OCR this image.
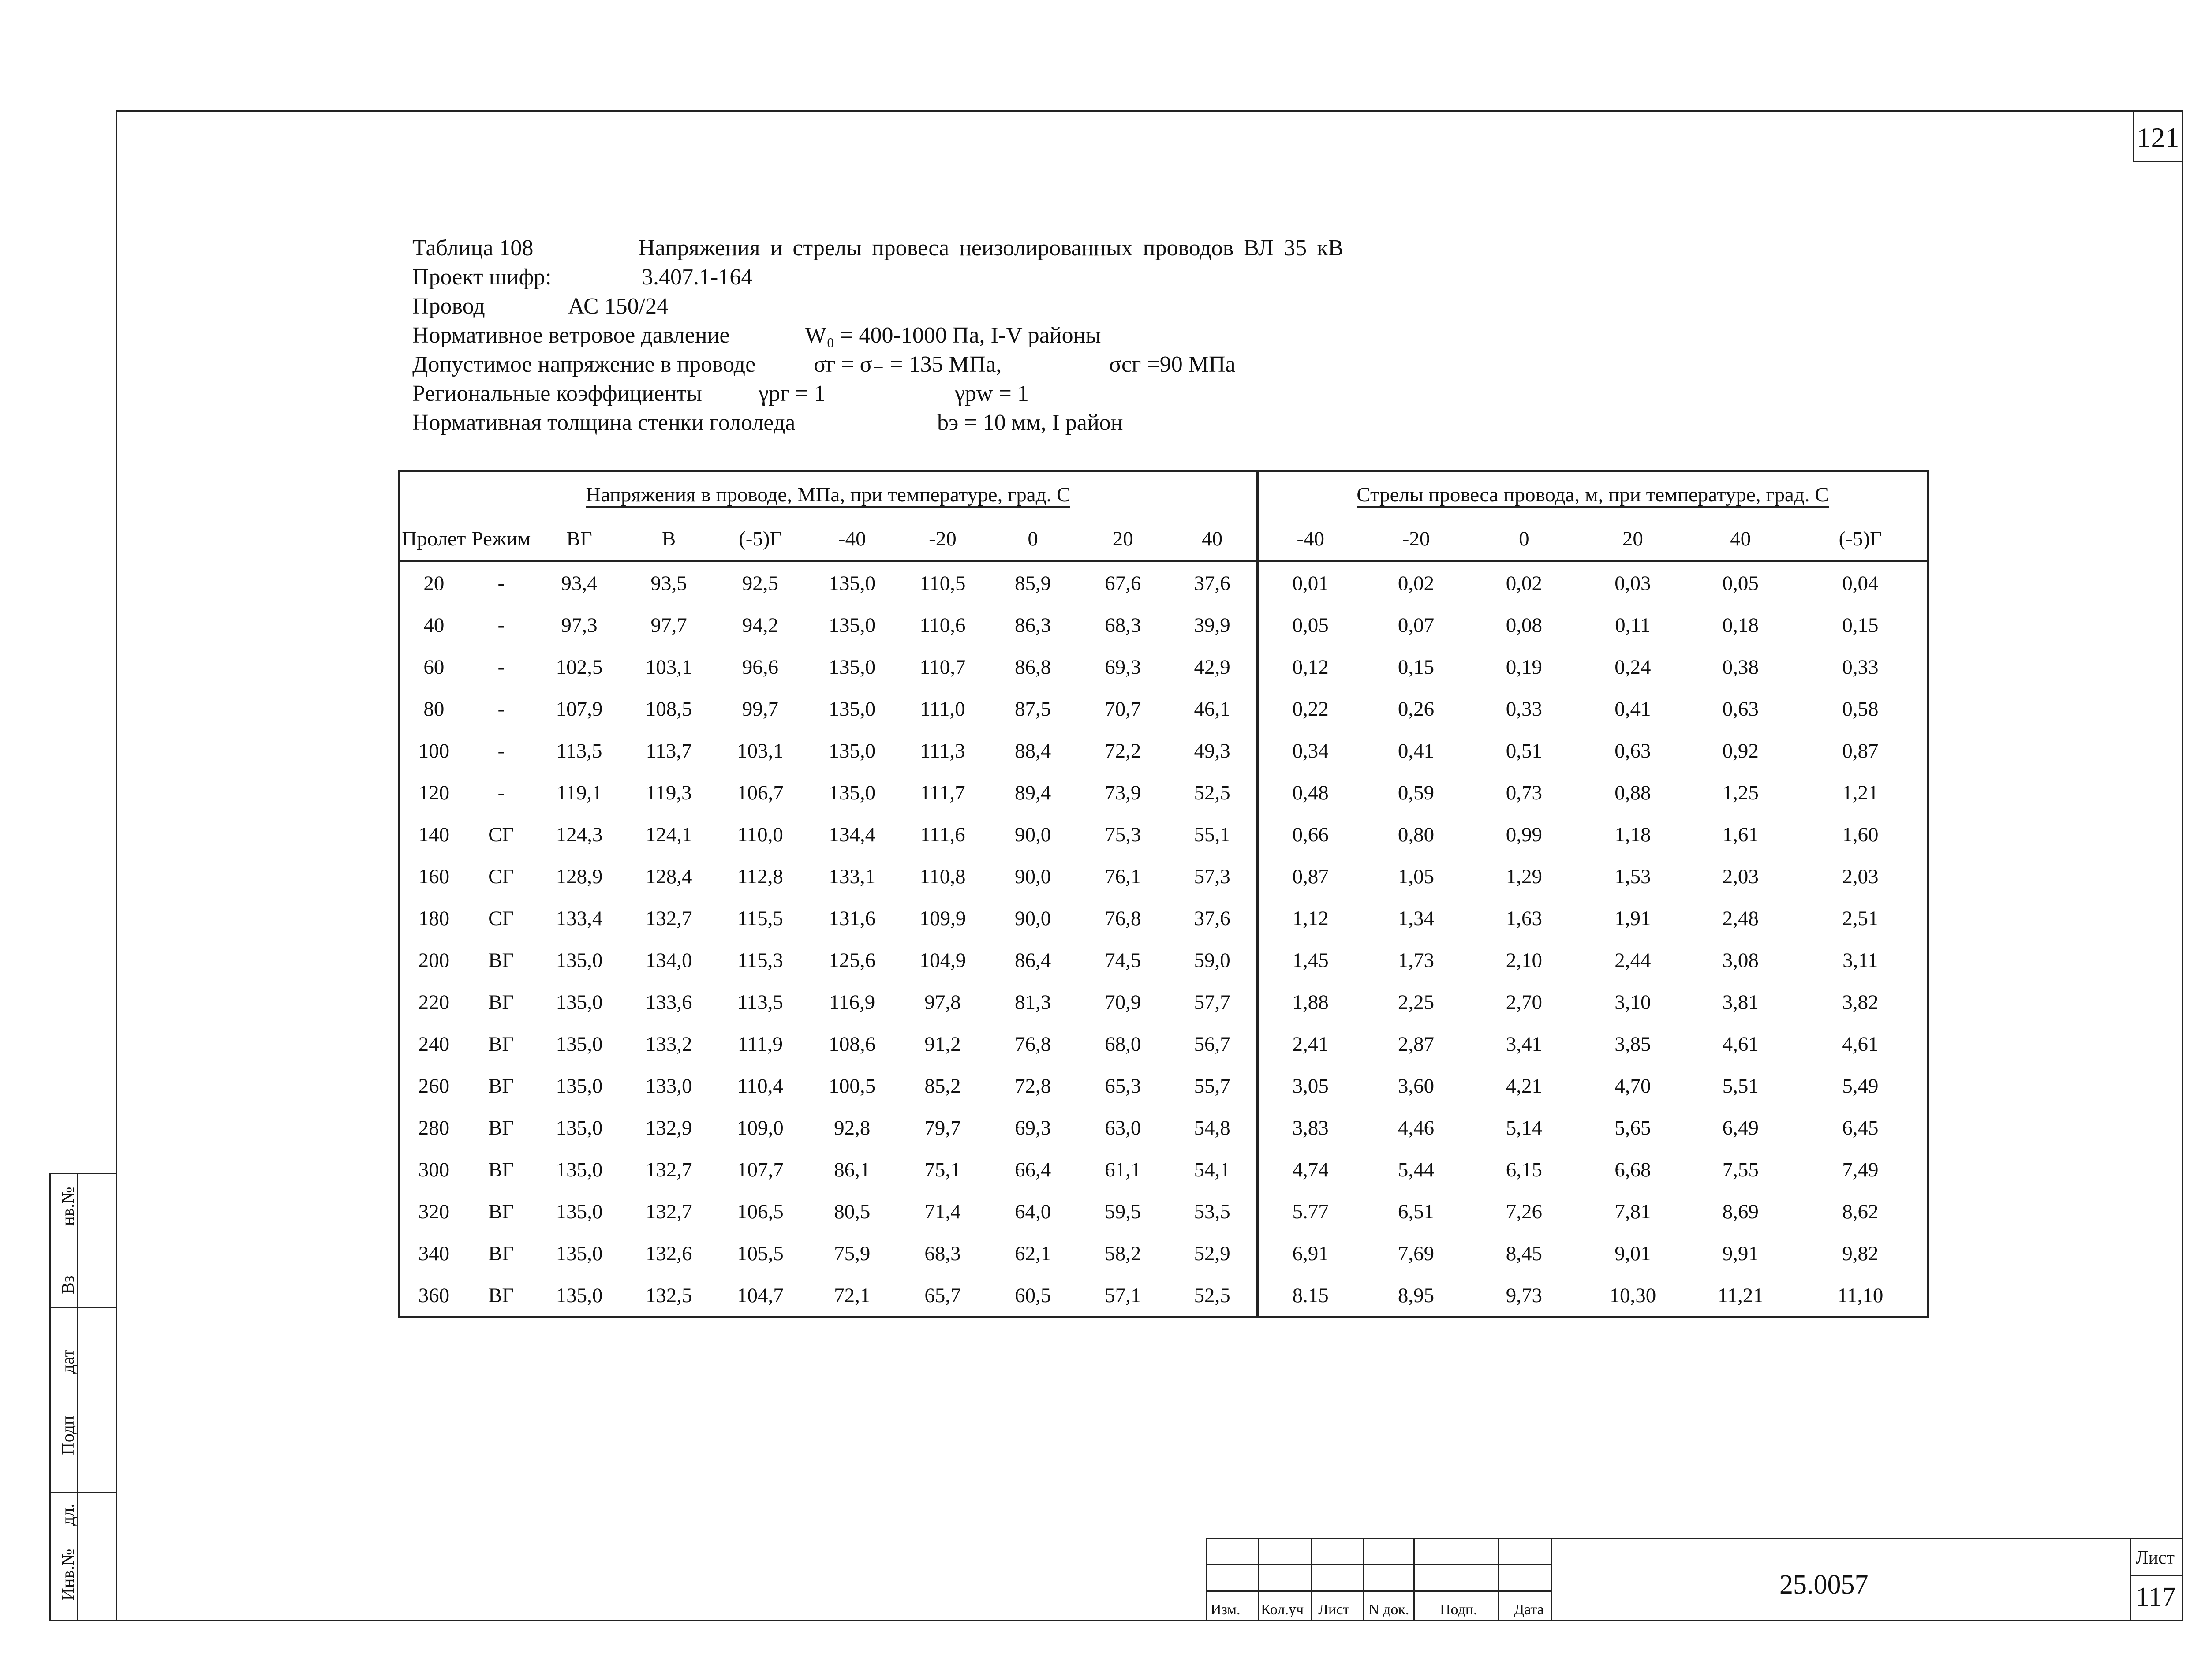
121
Таблица 108	Напряжения и стрелы провеса неизолированных проводов ВЛ 35 кВ
Проект шифр:	3.407.1-164
Провод	АС 150/24
Нормативное ветровое давление	W₀ = 400-1000 Па, I-V районы
Допустимое напряжение в проводе	σг = σ₋ = 135 МПа,	σсг =90 МПа
Региональные коэффициенты γрг = 1	γрw = 1
Нормативная толщина стенки гололеда	bэ = 10 мм, I район
Напряжения в проводе, МПа, при температуре, град. С										Стрелы провеса провода, м, при температуре, град. С					
Пролет	Режим	ВГ	В	(-5)Г	-40	-20	0	20	40	-40	-20	0	20	40	(-5)Г
20	-	93,4	93,5	92,5	135,0	110,5	85,9	67,6	37,6	0,01	0,02	0,02	0,03	0,05	0,04
40	-	97,3	97,7	94,2	135,0	110,6	86,3	68,3	39,9	0,05	0,07	0,08	0,11	0,18	0,15
60	-	102,5	103,1	96,6	135,0	110,7	86,8	69,3	42,9	0,12	0,15	0,19	0,24	0,38	0,33
80	-	107,9	108,5	99,7	135,0	111,0	87,5	70,7	46,1	0,22	0,26	0,33	0,41	0,63	0,58
100	-	113,5	113,7	103,1	135,0	111,3	88,4	72,2	49,3	0,34	0,41	0,51	0,63	0,92	0,87
120	-	119,1	119,3	106,7	135,0	111,7	89,4	73,9	52,5	0,48	0,59	0,73	0,88	1,25	1,21
140	СГ	124,3	124,1	110,0	134,4	111,6	90,0	75,3	55,1	0,66	0,80	0,99	1,18	1,61	1,60
160	СГ	128,9	128,4	112,8	133,1	110,8	90,0	76,1	57,3	0,87	1,05	1,29	1,53	2,03	2,03
180	СГ	133,4	132,7	115,5	131,6	109,9	90,0	76,8	37,6	1,12	1,34	1,63	1,91	2,48	2,51
200	ВГ	135,0	134,0	115,3	125,6	104,9	86,4	74,5	59,0	1,45	1,73	2,10	2,44	3,08	3,11
220	ВГ	135,0	133,6	113,5	116,9	97,8	81,3	70,9	57,7	1,88	2,25	2,70	3,10	3,81	3,82
240	ВГ	135,0	133,2	111,9	108,6	91,2	76,8	68,0	56,7	2,41	2,87	3,41	3,85	4,61	4,61
260	ВГ	135,0	133,0	110,4	100,5	85,2	72,8	65,3	55,7	3,05	3,60	4,21	4,70	5,51	5,49
280	ВГ	135,0	132,9	109,0	92,8	79,7	69,3	63,0	54,8	3,83	4,46	5,14	5,65	6,49	6,45
300	ВГ	135,0	132,7	107,7	86,1	75,1	66,4	61,1	54,1	4,74	5,44	6,15	6,68	7,55	7,49
320	ВГ	135,0	132,7	106,5	80,5	71,4	64,0	59,5	53,5	5.77	6,51	7,26	7,81	8,69	8,62
340	ВГ	135,0	132,6	105,5	75,9	68,3	62,1	58,2	52,9	6,91	7,69	8,45	9,01	9,91	9,82
360	ВГ	135,0	132,5	104,7	72,1	65,7	60,5	57,1	52,5	8.15	8,95	9,73	10,30	11,21	11,10
Инв.№
дл.
Подп
дат
Вз
нв.№
Изм. Кол.уч Лист N док. Подп. Дата
25.0057
Лист
117
